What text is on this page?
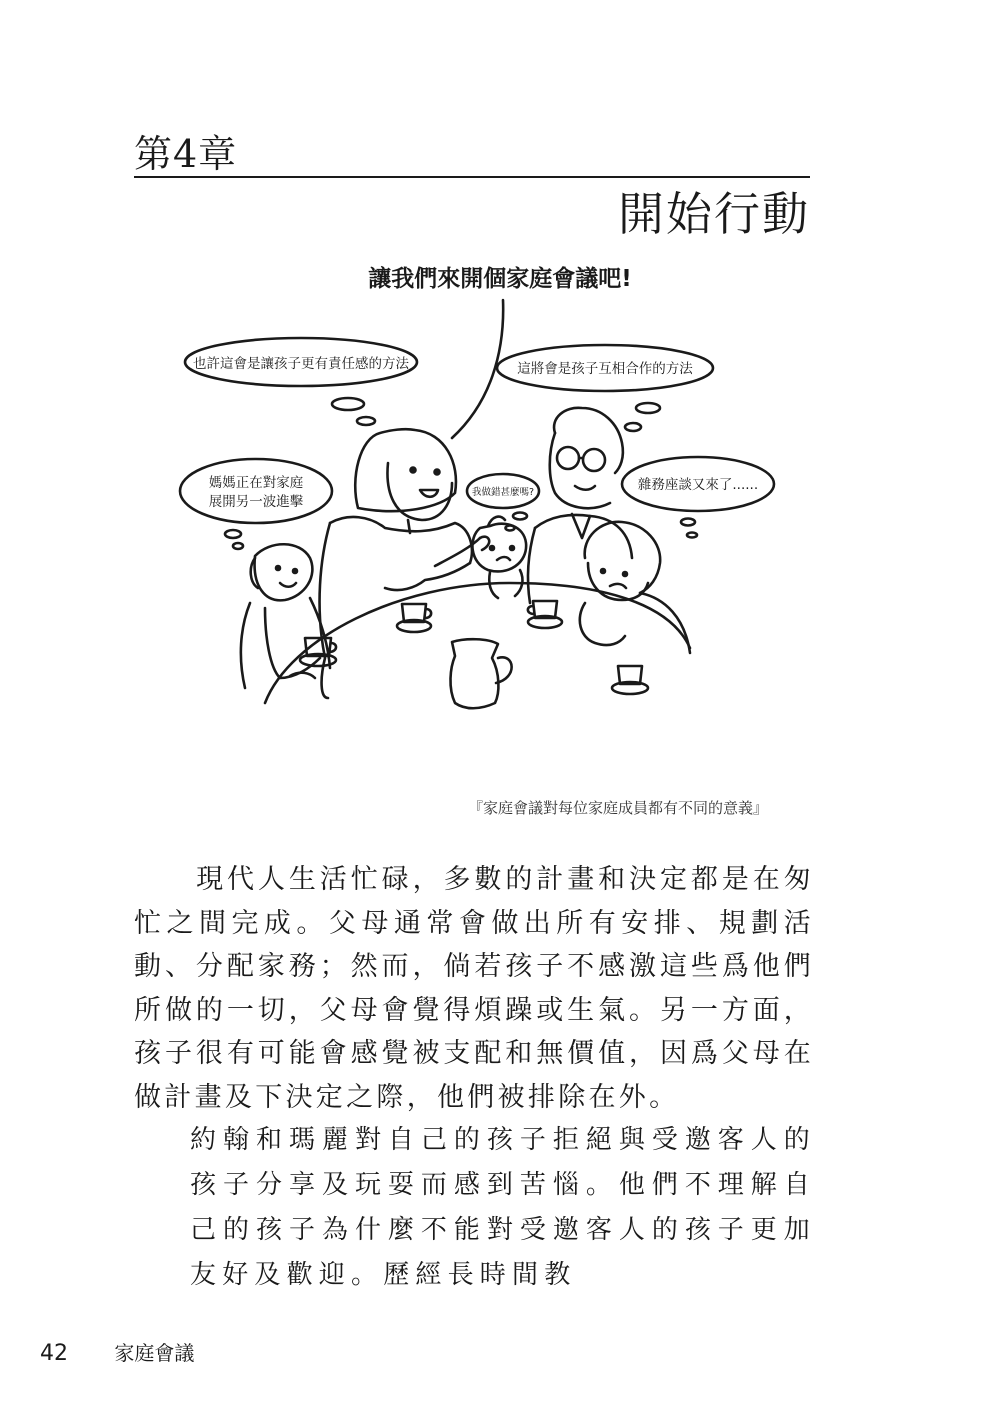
第4章
開始行動
讓我們來開個家庭會議吧!
也許這會是讓孩子更有責任感的方法	這將會是孩子互相合作的方法
媽媽正在對家庭
展開另一波進擊
我做錯甚麼嗎?	雜務座談又來了......
『家庭會議對每位家庭成員都有不同的意義』

現代人生活忙碌，多數的計畫和決定都是在匆忙之間完成。父母通常會做出所有安排、規劃活動、分配家務；然而，倘若孩子不感激這些爲他們所做的一切，父母會覺得煩躁或生氣。另一方面，孩子很有可能會感覺被支配和無價值，因爲父母在做計畫及下決定之際，他們被排除在外。

約翰和瑪麗對自己的孩子拒絕與受邀客人的孩子分享及玩耍而感到苦惱。他們不理解自己的孩子為什麼不能對受邀客人的孩子更加友好及歡迎。歷經長時間教

42 家庭會議
